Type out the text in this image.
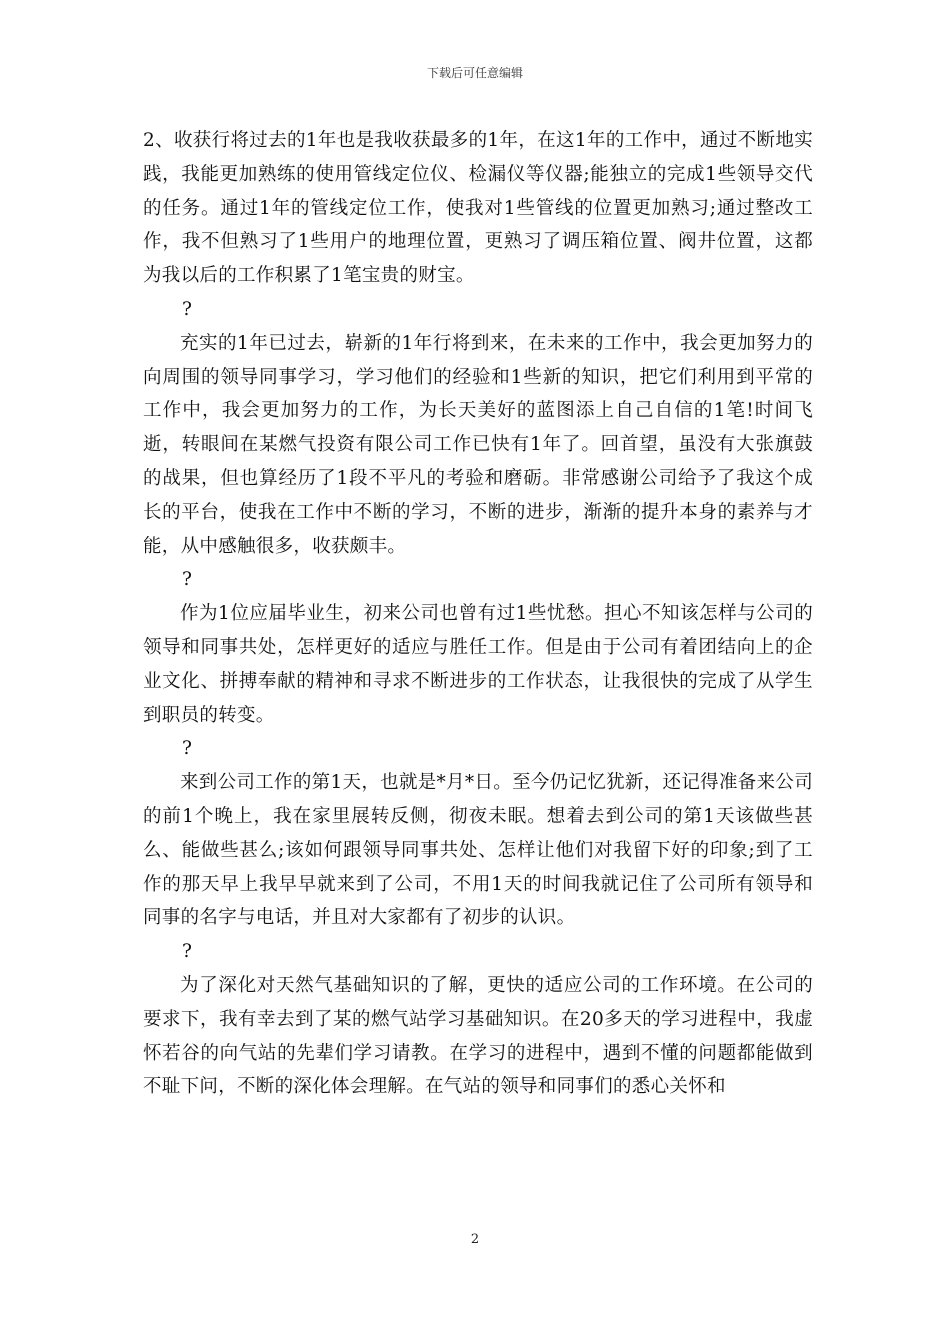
下载后可任意编辑

2、收获行将过去的1年也是我收获最多的1年，在这1年的工作中，通过不断地实践，我能更加熟练的使用管线定位仪、检漏仪等仪器;能独立的完成1些领导交代的任务。通过1年的管线定位工作，使我对1些管线的位置更加熟习;通过整改工作，我不但熟习了1些用户的地理位置，更熟习了调压箱位置、阀井位置，这都为我以后的工作积累了1笔宝贵的财宝。

?

充实的1年已过去，崭新的1年行将到来，在未来的工作中，我会更加努力的向周围的领导同事学习，学习他们的经验和1些新的知识，把它们利用到平常的工作中，我会更加努力的工作，为长天美好的蓝图添上自己自信的1笔!时间飞逝，转眼间在某燃气投资有限公司工作已快有1年了。回首望，虽没有大张旗鼓的战果，但也算经历了1段不平凡的考验和磨砺。非常感谢公司给予了我这个成长的平台，使我在工作中不断的学习，不断的进步，渐渐的提升本身的素养与才能，从中感触很多，收获颇丰。

?

作为1位应届毕业生，初来公司也曾有过1些忧愁。担心不知该怎样与公司的领导和同事共处，怎样更好的适应与胜任工作。但是由于公司有着团结向上的企业文化、拼搏奉献的精神和寻求不断进步的工作状态，让我很快的完成了从学生到职员的转变。

?

来到公司工作的第1天，也就是*月*日。至今仍记忆犹新，还记得准备来公司的前1个晚上，我在家里展转反侧，彻夜未眠。想着去到公司的第1天该做些甚么、能做些甚么;该如何跟领导同事共处、怎样让他们对我留下好的印象;到了工作的那天早上我早早就来到了公司，不用1天的时间我就记住了公司所有领导和同事的名字与电话，并且对大家都有了初步的认识。

?

为了深化对天然气基础知识的了解，更快的适应公司的工作环境。在公司的要求下，我有幸去到了某的燃气站学习基础知识。在20多天的学习进程中，我虚怀若谷的向气站的先辈们学习请教。在学习的进程中，遇到不懂的问题都能做到不耻下问，不断的深化体会理解。在气站的领导和同事们的悉心关怀和

2
